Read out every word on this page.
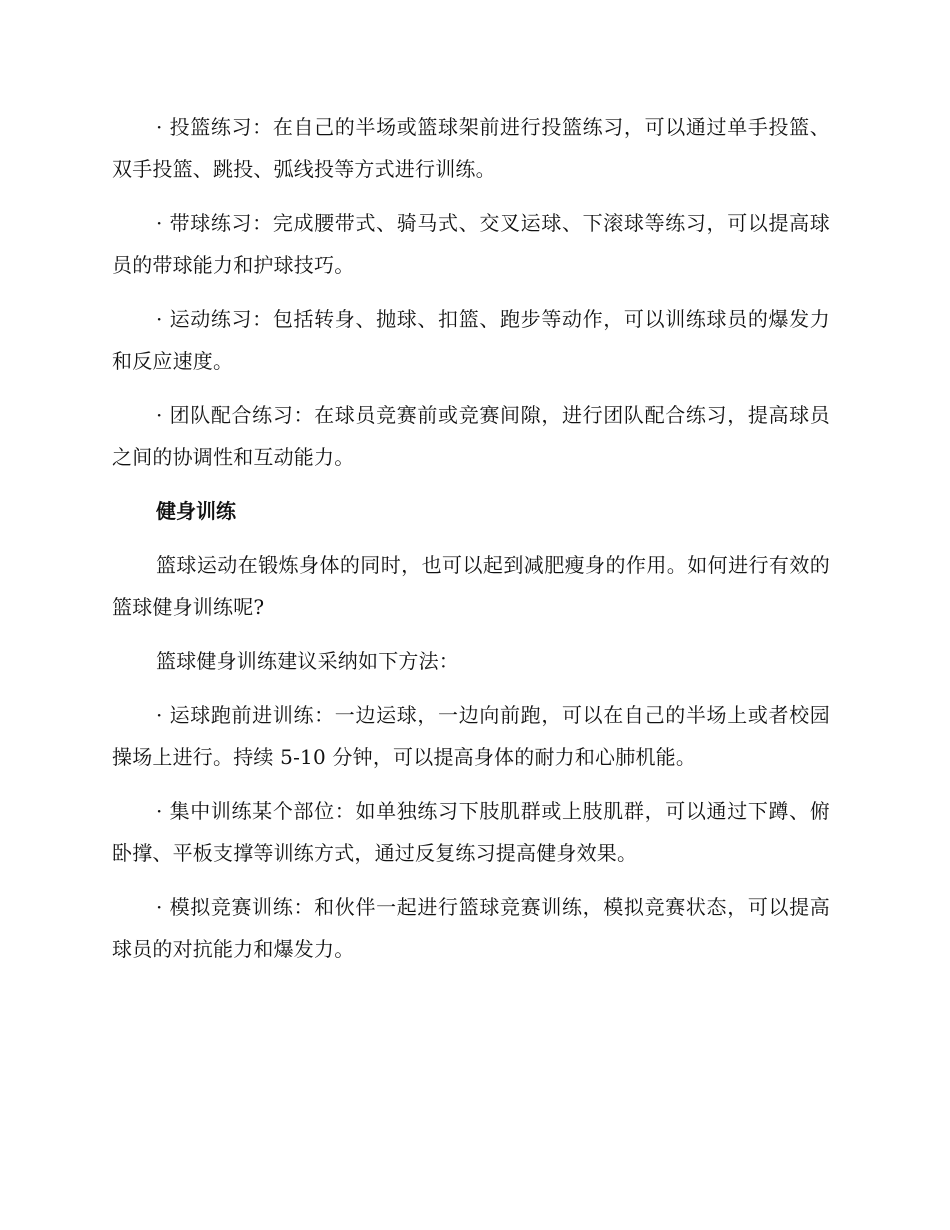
· 投篮练习：在自己的半场或篮球架前进行投篮练习，可以通过单手投篮、双手投篮、跳投、弧线投等方式进行训练。

· 带球练习：完成腰带式、骑马式、交叉运球、下滚球等练习，可以提高球员的带球能力和护球技巧。

· 运动练习：包括转身、抛球、扣篮、跑步等动作，可以训练球员的爆发力和反应速度。

· 团队配合练习：在球员竞赛前或竞赛间隙，进行团队配合练习，提高球员之间的协调性和互动能力。

健身训练

篮球运动在锻炼身体的同时，也可以起到减肥瘦身的作用。如何进行有效的篮球健身训练呢?

篮球健身训练建议采纳如下方法：

· 运球跑前进训练：一边运球，一边向前跑，可以在自己的半场上或者校园操场上进行。持续 5-10 分钟，可以提高身体的耐力和心肺机能。

· 集中训练某个部位：如单独练习下肢肌群或上肢肌群，可以通过下蹲、俯卧撑、平板支撑等训练方式，通过反复练习提高健身效果。

· 模拟竞赛训练：和伙伴一起进行篮球竞赛训练，模拟竞赛状态，可以提高球员的对抗能力和爆发力。
